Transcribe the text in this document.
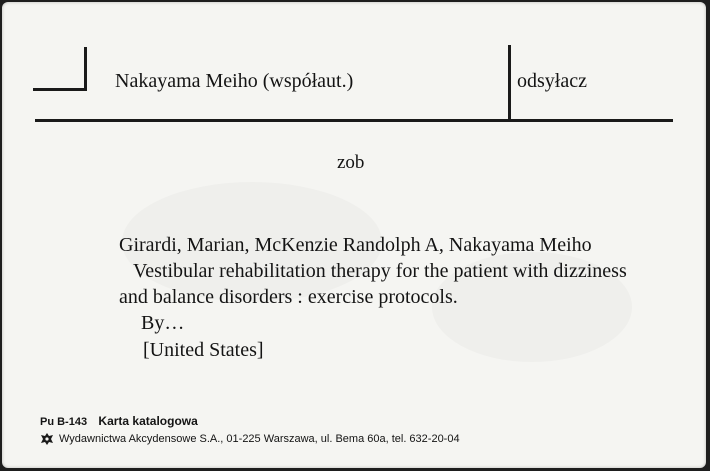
Nakayama Meiho (współaut.)	odsyłacz
zob
Girardi, Marian, McKenzie Randolph A, Nakayama Meiho
Vestibular rehabilitation therapy for the patient with dizziness and balance disorders : exercise protocols.
By…
[United States]
Pu B-143 Karta katalogowa
Wydawnictwa Akcydensowe S.A., 01-225 Warszawa, ul. Bema 60a, tel. 632-20-04
